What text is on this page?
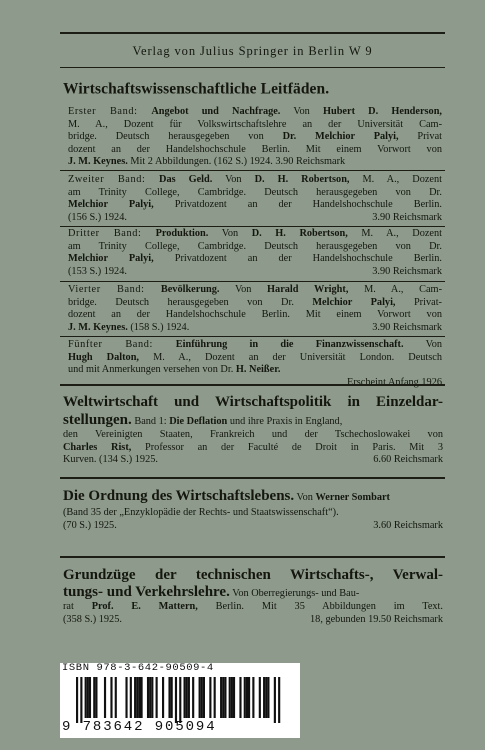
Verlag von Julius Springer in Berlin W 9
Wirtschaftswissenschaftliche Leitfäden.
Erster Band: Angebot und Nachfrage. Von Hubert D. Henderson,
M. A., Dozent für Volkswirtschaftslehre an der Universität Cam-
bridge. Deutsch herausgegeben von Dr. Melchior Palyi, Privat
dozent an der Handelshochschule Berlin. Mit einem Vorwort von
J. M. Keynes. Mit 2 Abbildungen. (162 S.) 1924. 3.90 Reichsmark
Zweiter Band: Das Geld. Von D. H. Robertson, M. A., Dozent
am Trinity College, Cambridge. Deutsch herausgegeben von Dr.
Melchior Palyi, Privatdozent an der Handelshochschule Berlin.
(156 S.) 1924.	3.90 Reichsmark
Dritter Band: Produktion. Von D. H. Robertson, M. A., Dozent
am Trinity College, Cambridge. Deutsch herausgegeben von Dr.
Melchior Palyi, Privatdozent an der Handelshochschule Berlin.
(153 S.) 1924.	3.90 Reichsmark
Vierter Band: Bevölkerung. Von Harald Wright, M. A., Cam-
bridge. Deutsch herausgegeben von Dr. Melchior Palyi, Privat-
dozent an der Handelshochschule Berlin. Mit einem Vorwort von
J. M. Keynes. (158 S.) 1924.	3.90 Reichsmark
Fünfter Band: Einführung in die Finanzwissenschaft. Von
Hugh Dalton, M. A., Dozent an der Universität London. Deutsch
und mit Anmerkungen versehen von Dr. H. Neißer.
Erscheint Anfang 1926
Weltwirtschaft und Wirtschaftspolitik in Einzeldar-
stellungen. Band 1: Die Deflation und ihre Praxis in England,
den Vereinigten Staaten, Frankreich und der Tschechoslowakei von
Charles Rist, Professor an der Faculté de Droit in Paris. Mit 3
Kurven. (134 S.) 1925.	6.60 Reichsmark
Die Ordnung des Wirtschaftslebens. Von Werner Sombart
(Band 35 der „Enzyklopädie der Rechts- und Staatswissenschaft“).
(70 S.) 1925.	3.60 Reichsmark
Grundzüge der technischen Wirtschafts-, Verwal-
tungs- und Verkehrslehre. Von Oberregierungs- und Bau-
rat Prof. E. Mattern, Berlin. Mit 35 Abbildungen im Text.
(358 S.) 1925.	18, gebunden 19.50 Reichsmark
ISBN 978-3-642-90509-4
9 783642 905094
